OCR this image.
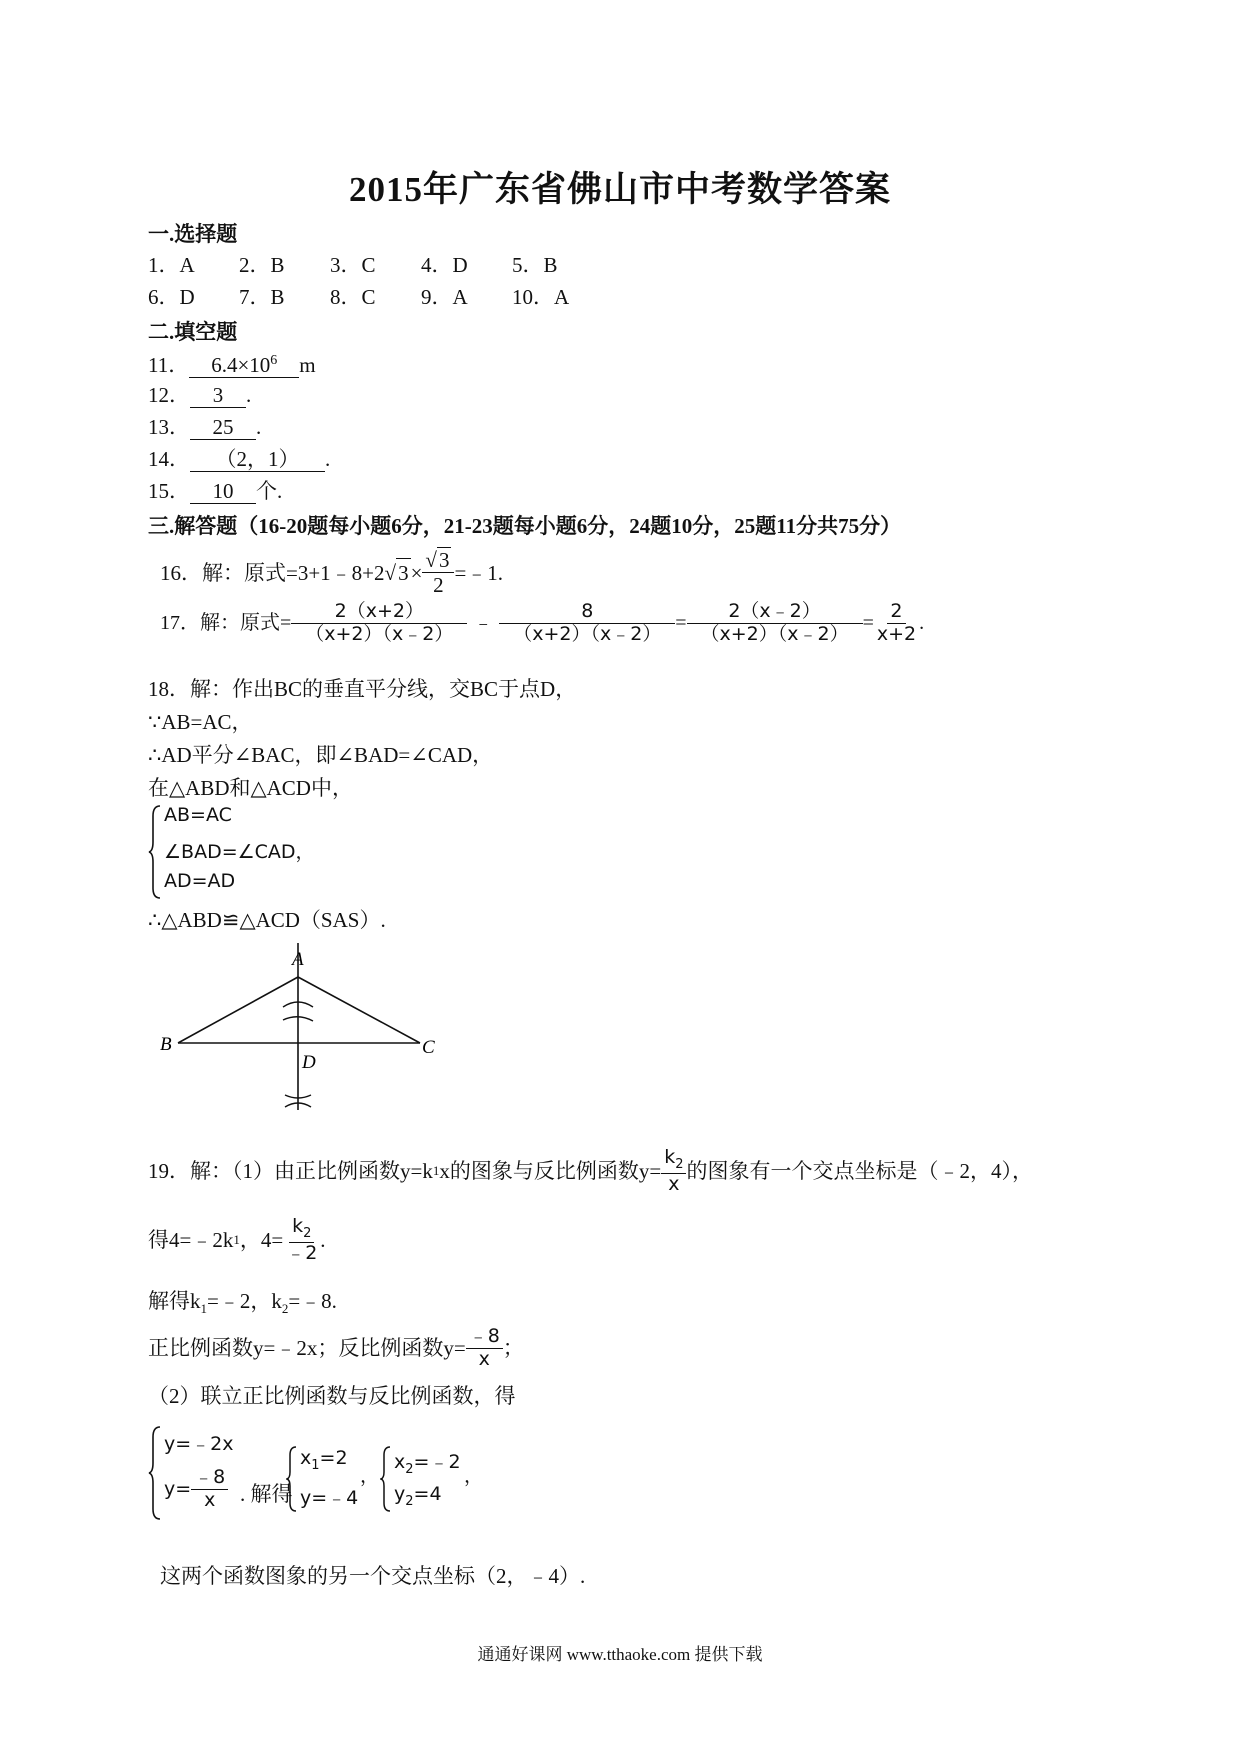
2015年广东省佛山市中考数学答案
一.选择题
1．A 2．B 3．C 4．D 5．B
6．D 7．B 8．C 9．A 10．A
二.填空题
11． $6.4\times 10^6$ m
12． 3 .
13． 25 .
14． （2，1） .
15． 10 个.
三.解答题（16-20题每小题6分，21-23题每小题6分，24题10分，25题11分共75分）
16．解：原式=3+1﹣8+2 √ $3 \times \frac{√3}{2}$ =﹣1.
17．解：原式= $\frac{2(x+2)}{(x+2)(x﹣2)}$ ﹣ $\frac{8}{(x+2)(x﹣2)} = \frac{2(x﹣2)}{(x+2)(x﹣2)} = \frac{2}{x+2}$ .
18．解：作出BC的垂直平分线，交BC于点D，
∵AB=AC，
∴AD平分∠BAC，即∠BAD=∠CAD，
在△ABD和△ACD中，
AB=AC
∠BAD=∠CAD，
AD=AD
∴△ABD≌△ACD（SAS）.
A
B	C
D
19．解：（1）由正比例函数y=k 1 x的图象与反比例函数$y= \frac{k_2}{x}$ 的图象有一个交点坐标是（﹣2，4），
得4=﹣2k 1 ，$4= \frac{k_2}{﹣2}$ .
解得$k_1=﹣2$，$k_2=﹣8$.
正比例函数y=﹣2x；反比例函数$y= \frac{﹣8}{x}$ ；
（2）联立正比例函数与反比例函数，得
y=﹣2x
$y= \frac{﹣8}{x}$ . 解得
$x_1=2$
y=﹣4
，
$x_2=﹣2$
$y_2=4$
，
这两个函数图象的另一个交点坐标（2，﹣4）.
通通好课网 www.tthaoke.com 提供下载
